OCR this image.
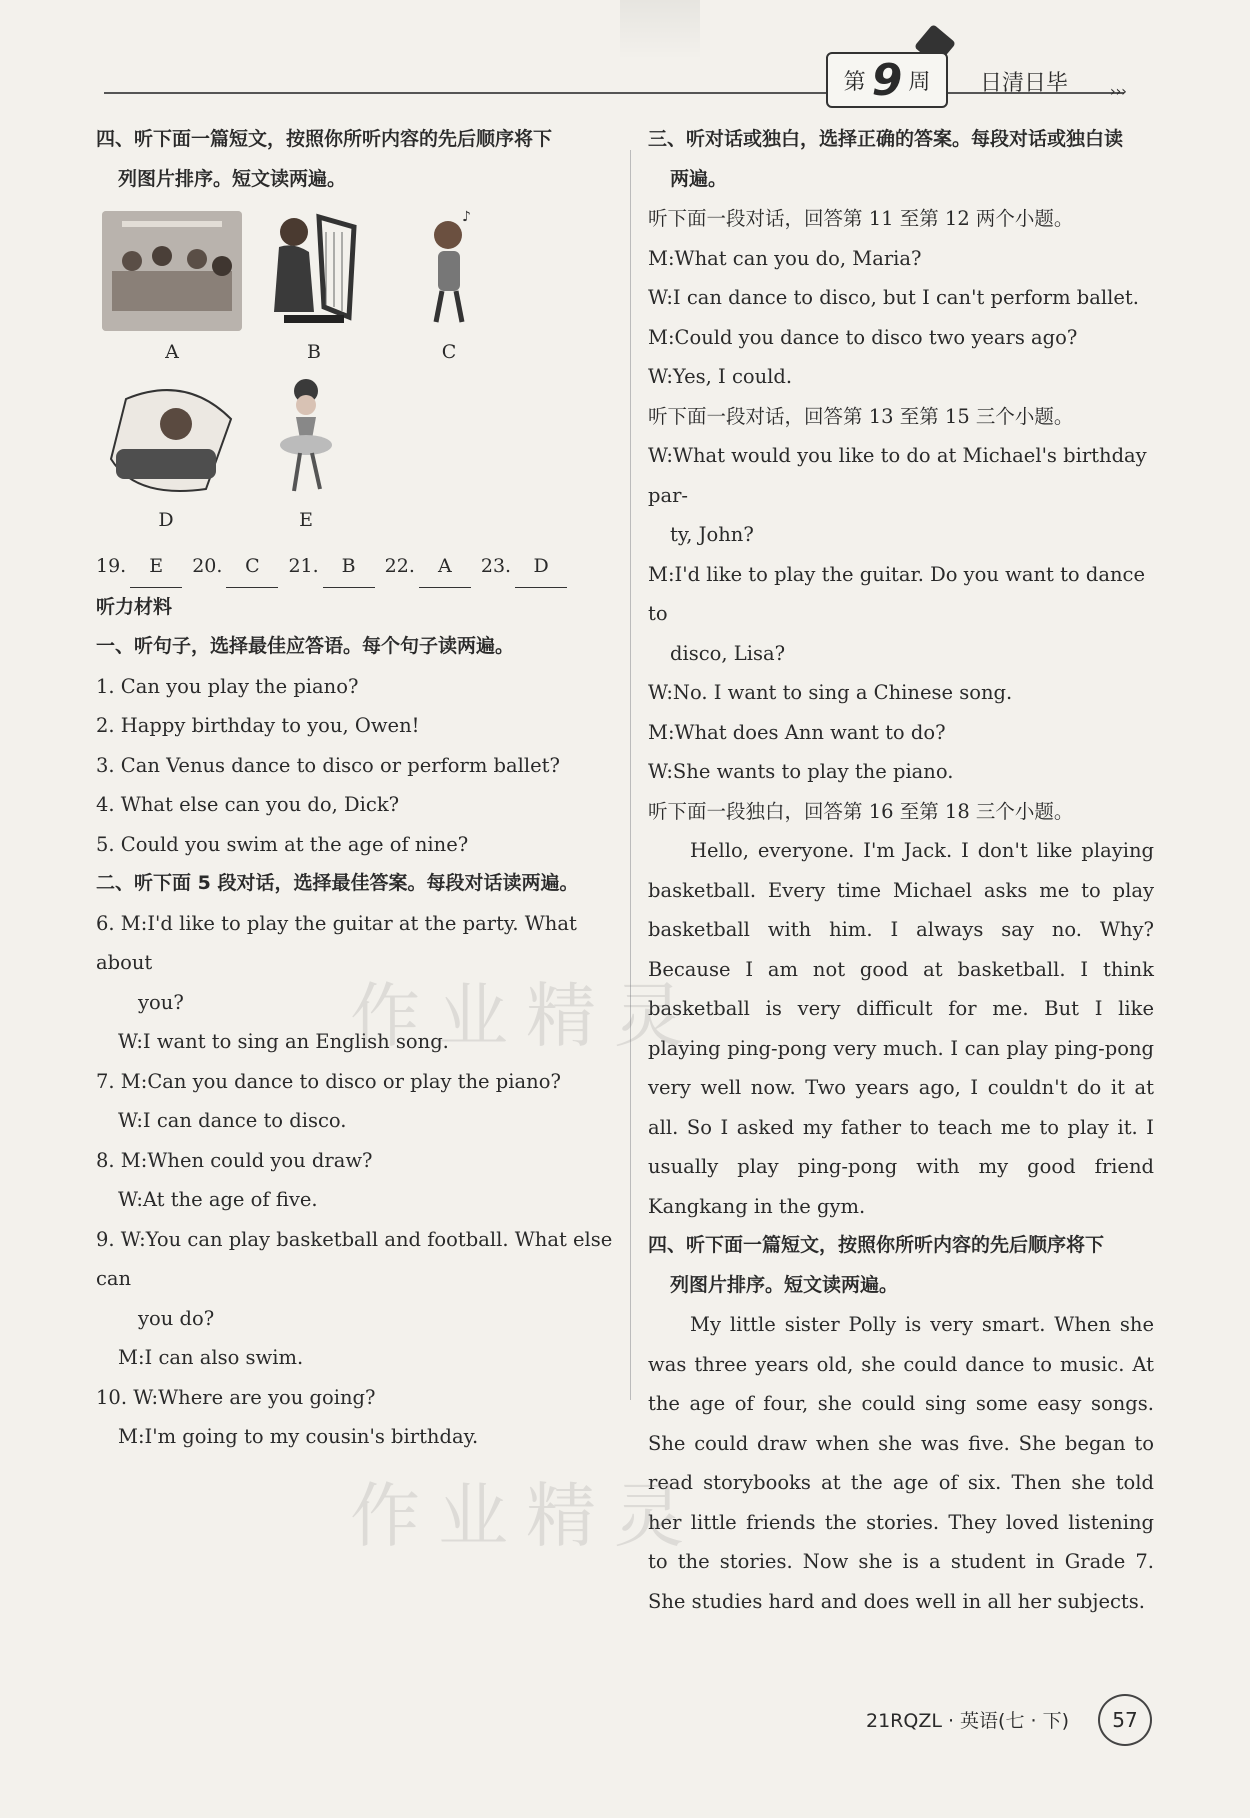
第 9 周 日清日毕	›››

四、听下面一篇短文，按照你所听内容的先后顺序将下

列图片排序。短文读两遍。

A	B
♪
C
D	E
19.	E	20.	C	21.	B	22.	A	23.	D

听力材料

一、听句子，选择最佳应答语。每个句子读两遍。

1. Can you play the piano?

2. Happy birthday to you, Owen!

3. Can Venus dance to disco or perform ballet?

4. What else can you do, Dick?

5. Could you swim at the age of nine?

二、听下面 5 段对话，选择最佳答案。每段对话读两遍。

6. M:I'd like to play the guitar at the party. What about

you?

W:I want to sing an English song.

7. M:Can you dance to disco or play the piano?

W:I can dance to disco.

8. M:When could you draw?

W:At the age of five.

9. W:You can play basketball and football. What else can

you do?

M:I can also swim.

10. W:Where are you going?

M:I'm going to my cousin's birthday.

三、听对话或独白，选择正确的答案。每段对话或独白读

两遍。

听下面一段对话，回答第 11 至第 12 两个小题。

M:What can you do, Maria?

W:I can dance to disco, but I can't perform ballet.

M:Could you dance to disco two years ago?

W:Yes, I could.

听下面一段对话，回答第 13 至第 15 三个小题。

W:What would you like to do at Michael's birthday par-

ty, John?

M:I'd like to play the guitar. Do you want to dance to

disco, Lisa?

W:No. I want to sing a Chinese song.

M:What does Ann want to do?

W:She wants to play the piano.

听下面一段独白，回答第 16 至第 18 三个小题。

Hello, everyone. I'm Jack. I don't like playing basketball. Every time Michael asks me to play basketball with him. I always say no. Why? Because I am not good at basketball. I think basketball is very difficult for me. But I like playing ping-pong very much. I can play ping-pong very well now. Two years ago, I couldn't do it at all. So I asked my father to teach me to play it. I usually play ping-pong with my good friend Kangkang in the gym.

四、听下面一篇短文，按照你所听内容的先后顺序将下

列图片排序。短文读两遍。

My little sister Polly is very smart. When she was three years old, she could dance to music. At the age of four, she could sing some easy songs. She could draw when she was five. She began to read storybooks at the age of six. Then she told her little friends the stories. They loved listening to the stories. Now she is a student in Grade 7. She studies hard and does well in all her subjects.

作业精灵
作业精灵
21RQZL · 英语(七 · 下)	57
